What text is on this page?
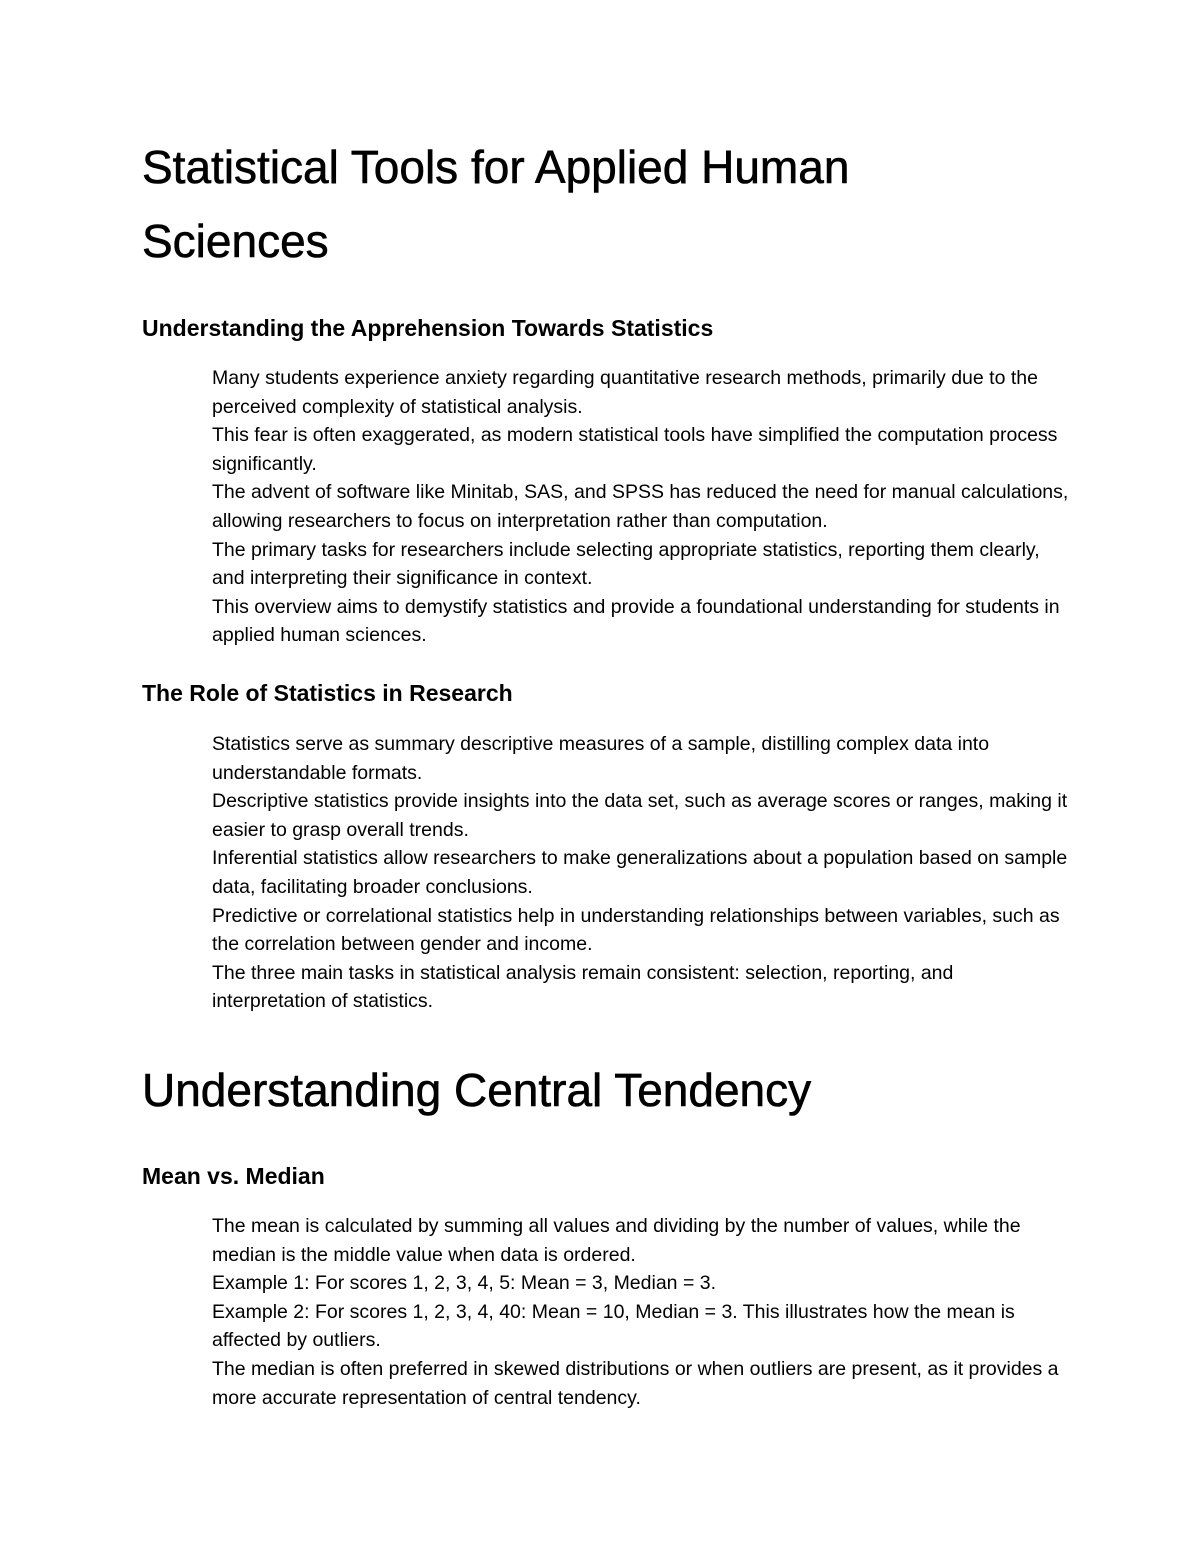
Statistical Tools for Applied Human Sciences
Understanding the Apprehension Towards Statistics
Many students experience anxiety regarding quantitative research methods, primarily due to the perceived complexity of statistical analysis.
This fear is often exaggerated, as modern statistical tools have simplified the computation process significantly.
The advent of software like Minitab, SAS, and SPSS has reduced the need for manual calculations, allowing researchers to focus on interpretation rather than computation.
The primary tasks for researchers include selecting appropriate statistics, reporting them clearly, and interpreting their significance in context.
This overview aims to demystify statistics and provide a foundational understanding for students in applied human sciences.
The Role of Statistics in Research
Statistics serve as summary descriptive measures of a sample, distilling complex data into understandable formats.
Descriptive statistics provide insights into the data set, such as average scores or ranges, making it easier to grasp overall trends.
Inferential statistics allow researchers to make generalizations about a population based on sample data, facilitating broader conclusions.
Predictive or correlational statistics help in understanding relationships between variables, such as the correlation between gender and income.
The three main tasks in statistical analysis remain consistent: selection, reporting, and interpretation of statistics.
Understanding Central Tendency
Mean vs. Median
The mean is calculated by summing all values and dividing by the number of values, while the median is the middle value when data is ordered.
Example 1: For scores 1, 2, 3, 4, 5: Mean = 3, Median = 3.
Example 2: For scores 1, 2, 3, 4, 40: Mean = 10, Median = 3. This illustrates how the mean is affected by outliers.
The median is often preferred in skewed distributions or when outliers are present, as it provides a more accurate representation of central tendency.
